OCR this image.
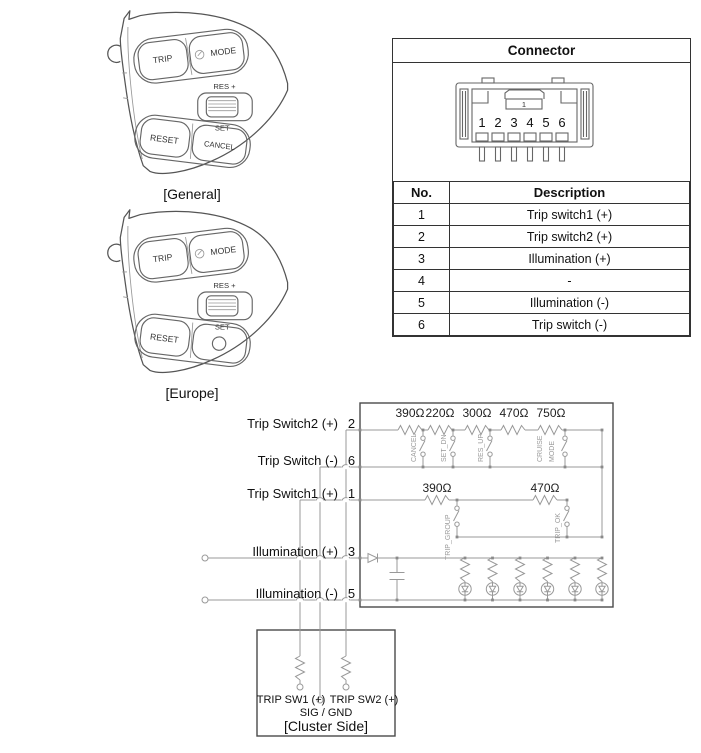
TRIP
MODE
RES +
SET -
RESET	CANCEL
[General]
TRIP
MODE
RES +
SET -
RESET
[Europe]
Connector
1
1 2 3 4 5 6
No.	Description
1	Trip switch1 (+)
2	Trip switch2 (+)
3	Illumination (+)
4	-
5	Illumination (-)
6	Trip switch (-)
Trip Switch2 (+)
Trip Switch (-)
Trip Switch1 (+)
Illumination (+)
Illumination (-)
2
6
1
3
5
390Ω 220Ω 300Ω 470Ω 750Ω
390Ω	470Ω
CANCEL	SET_DN	RES_UP	CRUISE MODE
TRIP_GROUP	TRIP_OK
TRIP SW1 (+) TRIP SW2 (+)
SIG / GND
[Cluster Side]
